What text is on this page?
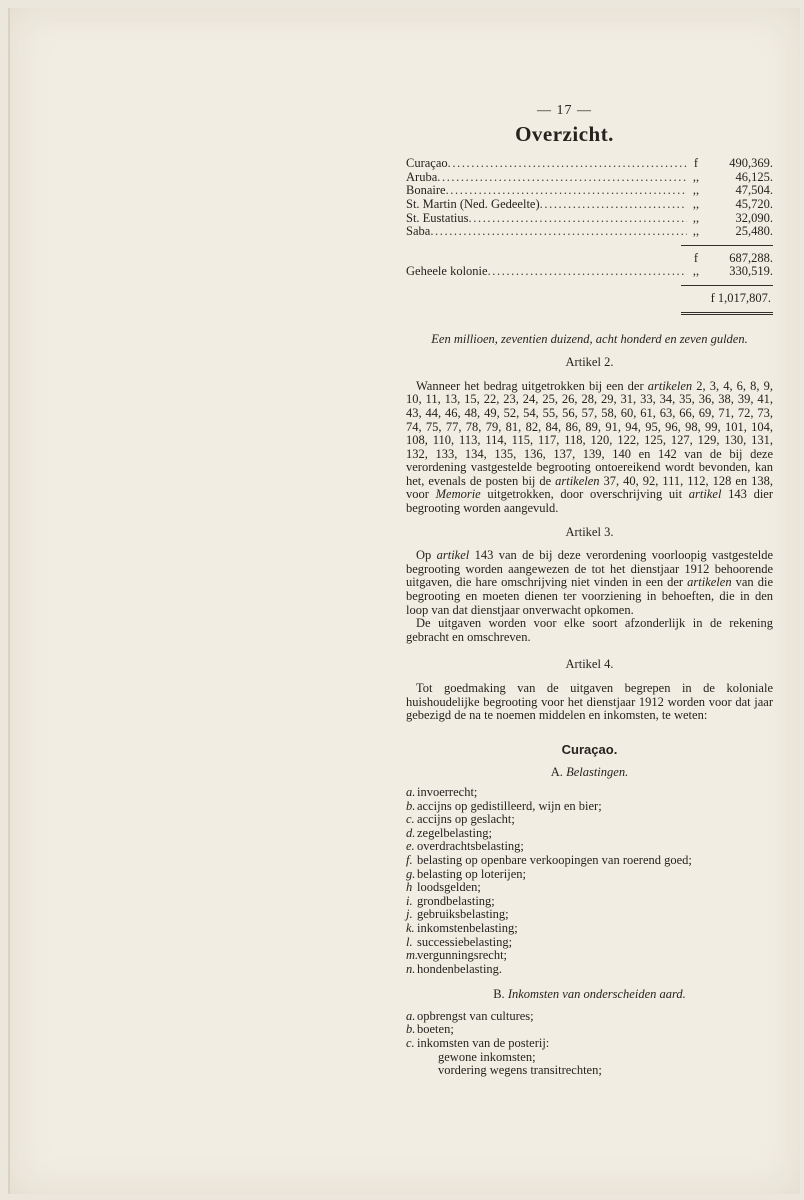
— 17 —
Overzicht.
Curaçao .....	f	490,369.
Aruba .....	,,	46,125.
Bonaire .....	,,	47,504.
St. Martin (Ned. Gedeelte) .....	,,	45,720.
St. Eustatius .....	,,	32,090.
Saba .....	,,	25,480.
f	687,288.
Geheele kolonie .....	,,	330,519.
f 1,017,807.
Een millioen, zeventien duizend, acht honderd en zeven gulden.
Artikel 2.

Wanneer het bedrag uitgetrokken bij een der artikelen 2, 3, 4, 6, 8, 9, 10, 11, 13, 15, 22, 23, 24, 25, 26, 28, 29, 31, 33, 34, 35, 36, 38, 39, 41, 43, 44, 46, 48, 49, 52, 54, 55, 56, 57, 58, 60, 61, 63, 66, 69, 71, 72, 73, 74, 75, 77, 78, 79, 81, 82, 84, 86, 89, 91, 94, 95, 96, 98, 99, 101, 104, 108, 110, 113, 114, 115, 117, 118, 120, 122, 125, 127, 129, 130, 131, 132, 133, 134, 135, 136, 137, 139, 140 en 142 van de bij deze verordening vastgestelde begrooting ontoereikend wordt bevonden, kan het, evenals de posten bij de artikelen 37, 40, 92, 111, 112, 128 en 138, voor Memorie uitgetrokken, door overschrijving uit artikel 143 dier begrooting worden aangevuld.

Artikel 3.

Op artikel 143 van de bij deze verordening voorloopig vastgestelde begrooting worden aangewezen de tot het dienstjaar 1912 behoorende uitgaven, die hare omschrijving niet vinden in een der artikelen van die begrooting en moeten dienen ter voorziening in behoeften, die in den loop van dat dienstjaar onverwacht opkomen.

De uitgaven worden voor elke soort afzonderlijk in de rekening gebracht en omschreven.

Artikel 4.

Tot goedmaking van de uitgaven begrepen in de koloniale huishoudelijke begrooting voor het dienstjaar 1912 worden voor dat jaar gebezigd de na te noemen middelen en inkomsten, te weten:

Curaçao.
A. Belastingen.
a. invoerrecht;
b. accijns op gedistilleerd, wijn en bier;
c. accijns op geslacht;
d. zegelbelasting;
e. overdrachtsbelasting;
f. belasting op openbare verkoopingen van roerend goed;
g. belasting op loterijen;
h loodsgelden;
i. grondbelasting;
j. gebruiksbelasting;
k. inkomstenbelasting;
l. successiebelasting;
m.
vergunningsrecht;
n. hondenbelasting.
B. Inkomsten van onderscheiden aard.
a. opbrengst van cultures;
b. boeten;
c. inkomsten van de posterij:
gewone inkomsten;
vordering wegens transitrechten;
